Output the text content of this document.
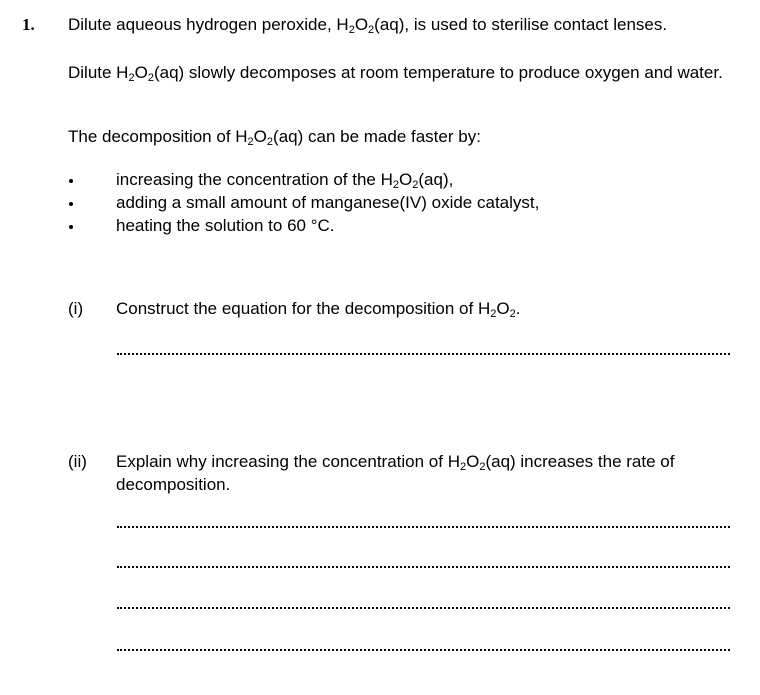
1. Dilute aqueous hydrogen peroxide, $H_2O_2(aq)$, is used to sterilise contact lenses.
Dilute $H_2O_2(aq)$ slowly decomposes at room temperature to produce oxygen and water.
The decomposition of $H_2O_2(aq)$ can be made faster by:
increasing the concentration of the $H_2O_2(aq)$,
adding a small amount of manganese(IV) oxide catalyst,
heating the solution to 60 °C.
(i) Construct the equation for the decomposition of $H_2O_2$.
(ii) Explain why increasing the concentration of $H_2O_2(aq)$ increases the rate of decomposition.
